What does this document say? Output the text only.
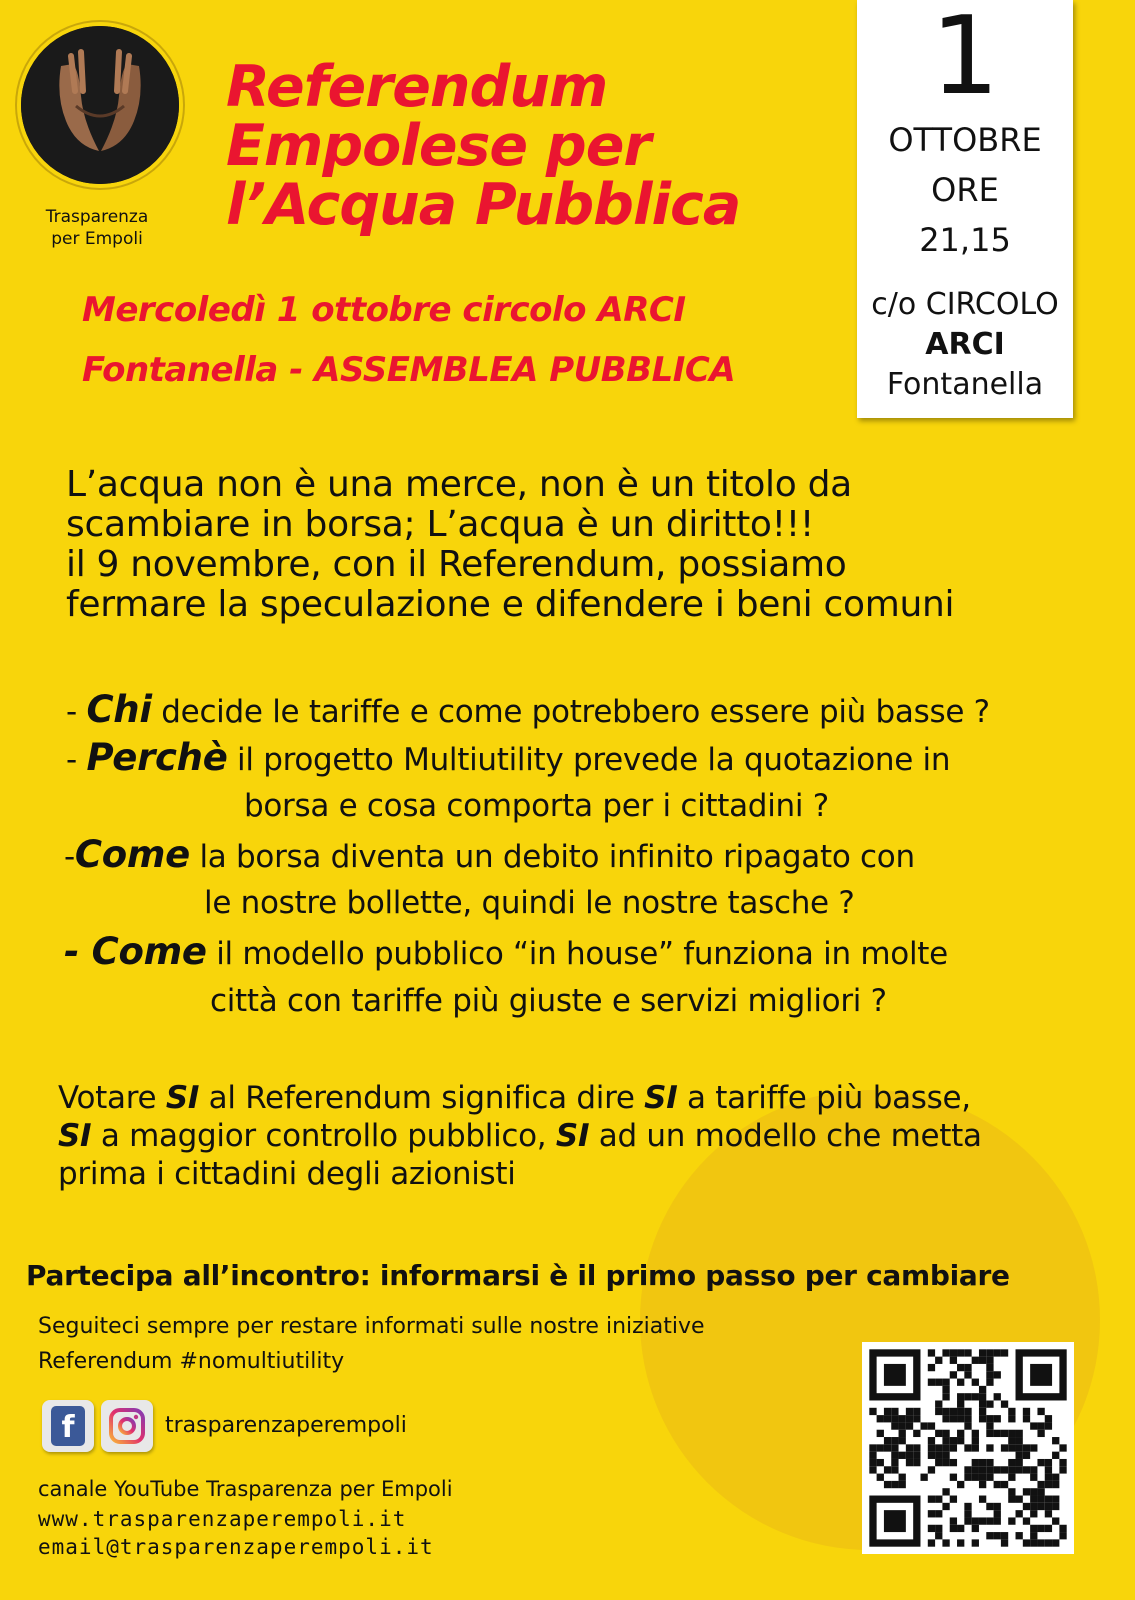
Trasparenza
per Empoli
Referendum
Empolese per
l’Acqua Pubblica
Mercoledì 1 ottobre circolo ARCI
Fontanella - ASSEMBLEA PUBBLICA
1
OTTOBRE
ORE
21,15
c/o CIRCOLO
ARCI
Fontanella
L’acqua non è una merce, non è un titolo da
scambiare in borsa; L’acqua è un diritto!!!
il 9 novembre, con il Referendum, possiamo
fermare la speculazione e difendere i beni comuni
- Chi decide le tariffe e come potrebbero essere più basse ?
- Perchè il progetto Multiutility prevede la quotazione in
borsa e cosa comporta per i cittadini ?
-Come la borsa diventa un debito infinito ripagato con
le nostre bollette, quindi le nostre tasche ?
- Come il modello pubblico “in house” funziona in molte
città con tariffe più giuste e servizi migliori ?
Votare SI al Referendum significa dire SI a tariffe più basse,
SI a maggior controllo pubblico, SI ad un modello che metta
prima i cittadini degli azionisti
Partecipa all’incontro: informarsi è il primo passo per cambiare
Seguiteci sempre per restare informati sulle nostre iniziative
Referendum #nomultiutility
f	trasparenzaperempoli
canale YouTube Trasparenza per Empoli
www.trasparenzaperempoli.it
email@trasparenzaperempoli.it
